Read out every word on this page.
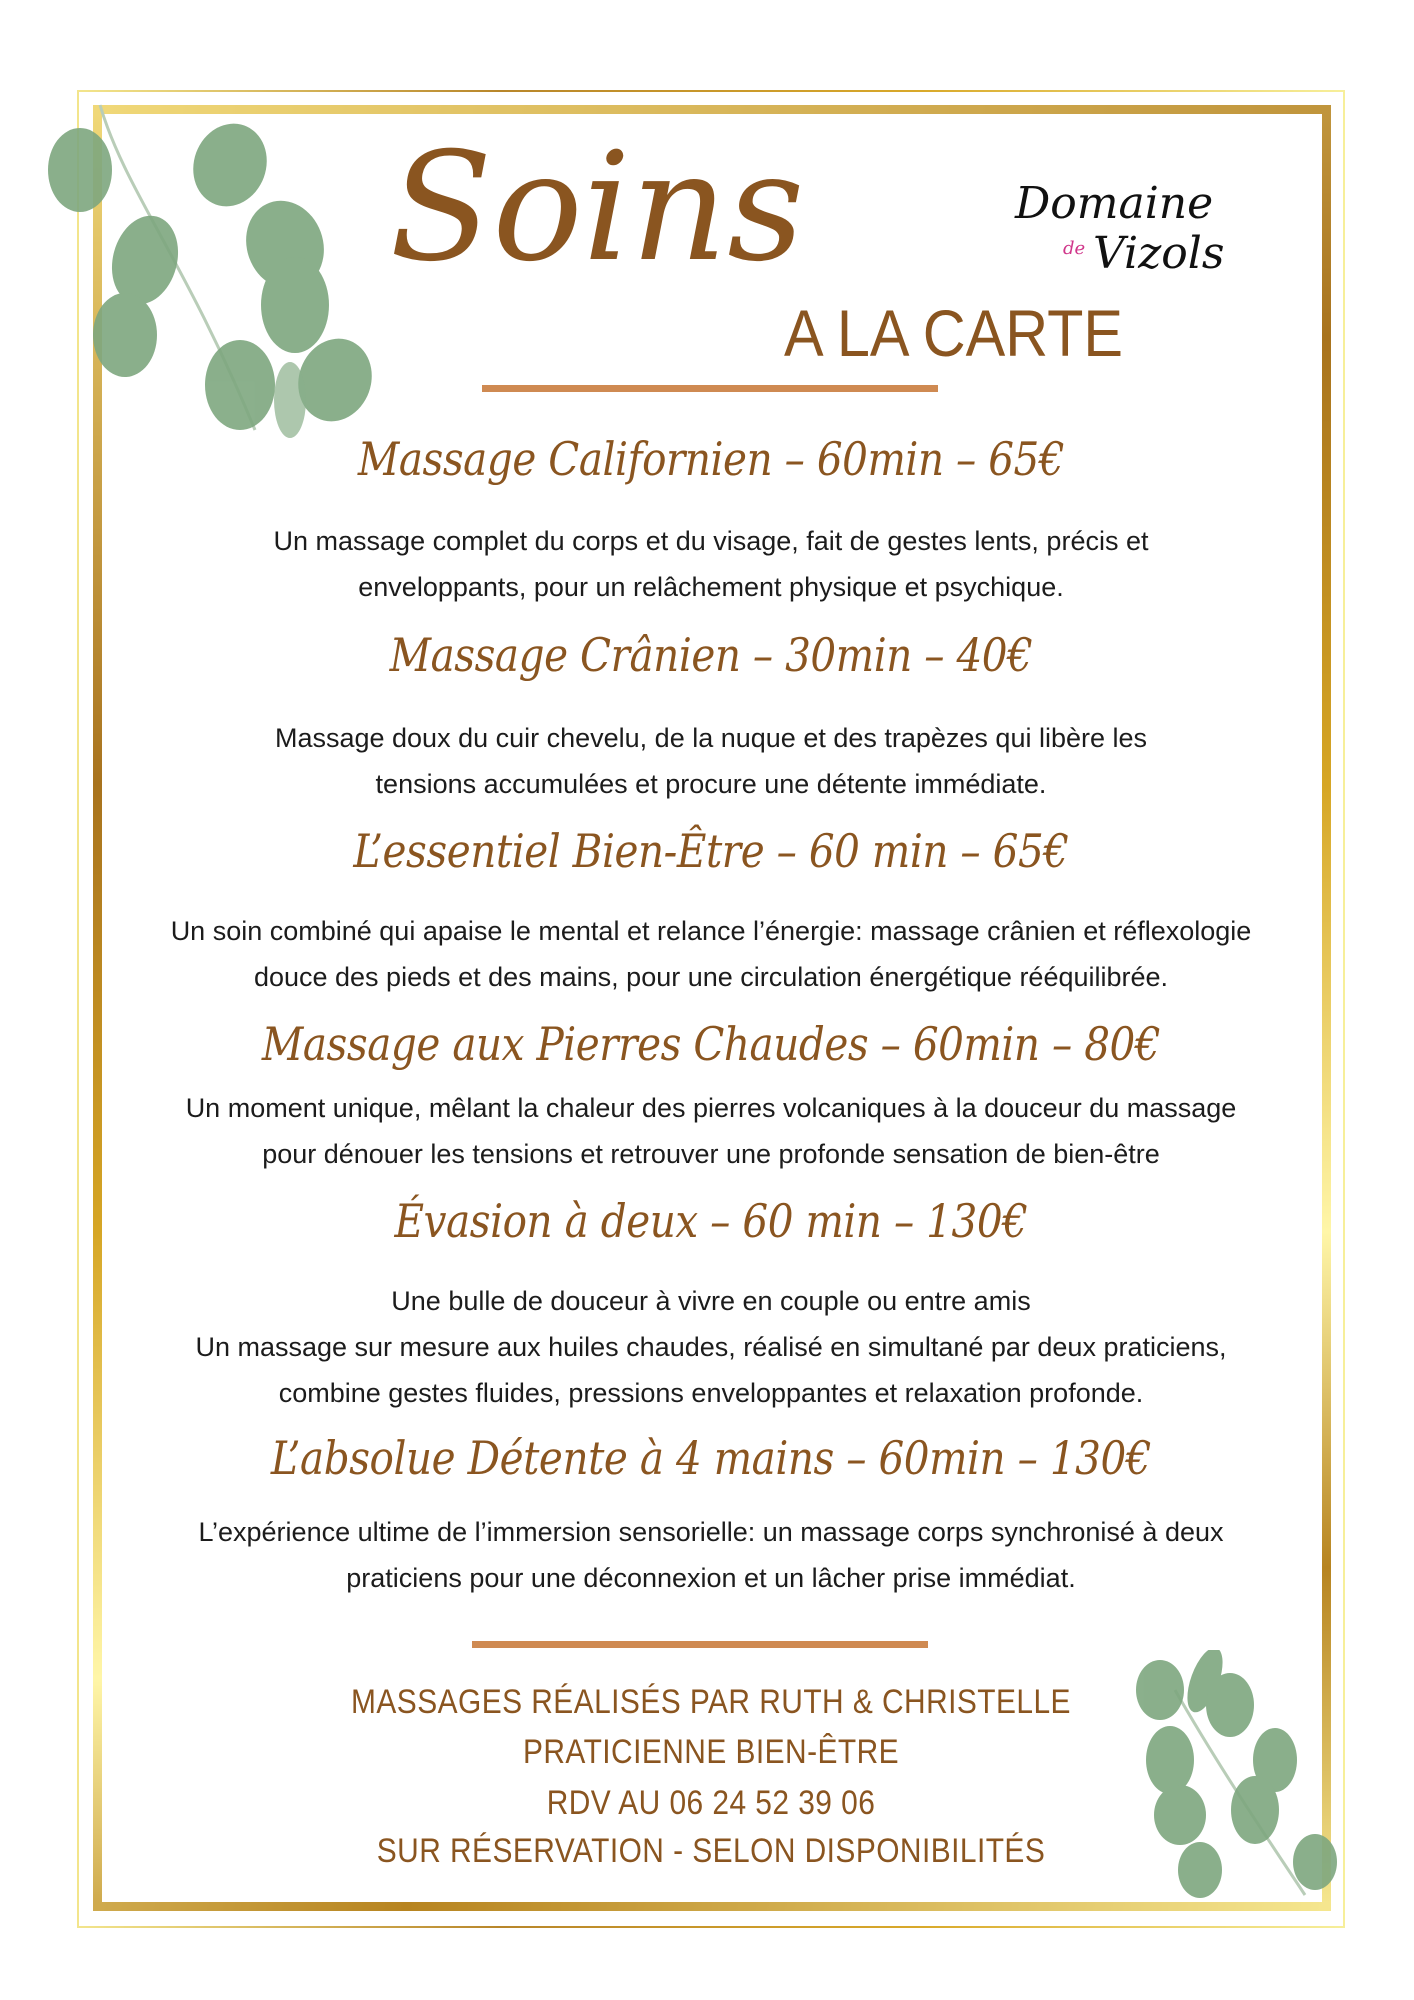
Soins
A LA CARTE
Domaine
de Vizols
Massage Californien – 60min – 65€
Un massage complet du corps et du visage, fait de gestes lents, précis et
enveloppants, pour un relâchement physique et psychique.
Massage Crânien – 30min – 40€
Massage doux du cuir chevelu, de la nuque et des trapèzes qui libère les
tensions accumulées et procure une détente immédiate.
L’essentiel Bien-Être – 60 min – 65€
Un soin combiné qui apaise le mental et relance l’énergie: massage crânien et réflexologie
douce des pieds et des mains, pour une circulation énergétique rééquilibrée.
Massage aux Pierres Chaudes – 60min – 80€
Un moment unique, mêlant la chaleur des pierres volcaniques à la douceur du massage
pour dénouer les tensions et retrouver une profonde sensation de bien-être
Évasion à deux – 60 min – 130€
Une bulle de douceur à vivre en couple ou entre amis
Un massage sur mesure aux huiles chaudes, réalisé en simultané par deux praticiens,
combine gestes fluides, pressions enveloppantes et relaxation profonde.
L’absolue Détente à 4 mains – 60min – 130€
L’expérience ultime de l’immersion sensorielle: un massage corps synchronisé à deux
praticiens pour une déconnexion et un lâcher prise immédiat.
MASSAGES RÉALISÉS PAR RUTH & CHRISTELLE
PRATICIENNE BIEN-ÊTRE
RDV AU 06 24 52 39 06
SUR RÉSERVATION - SELON DISPONIBILITÉS
